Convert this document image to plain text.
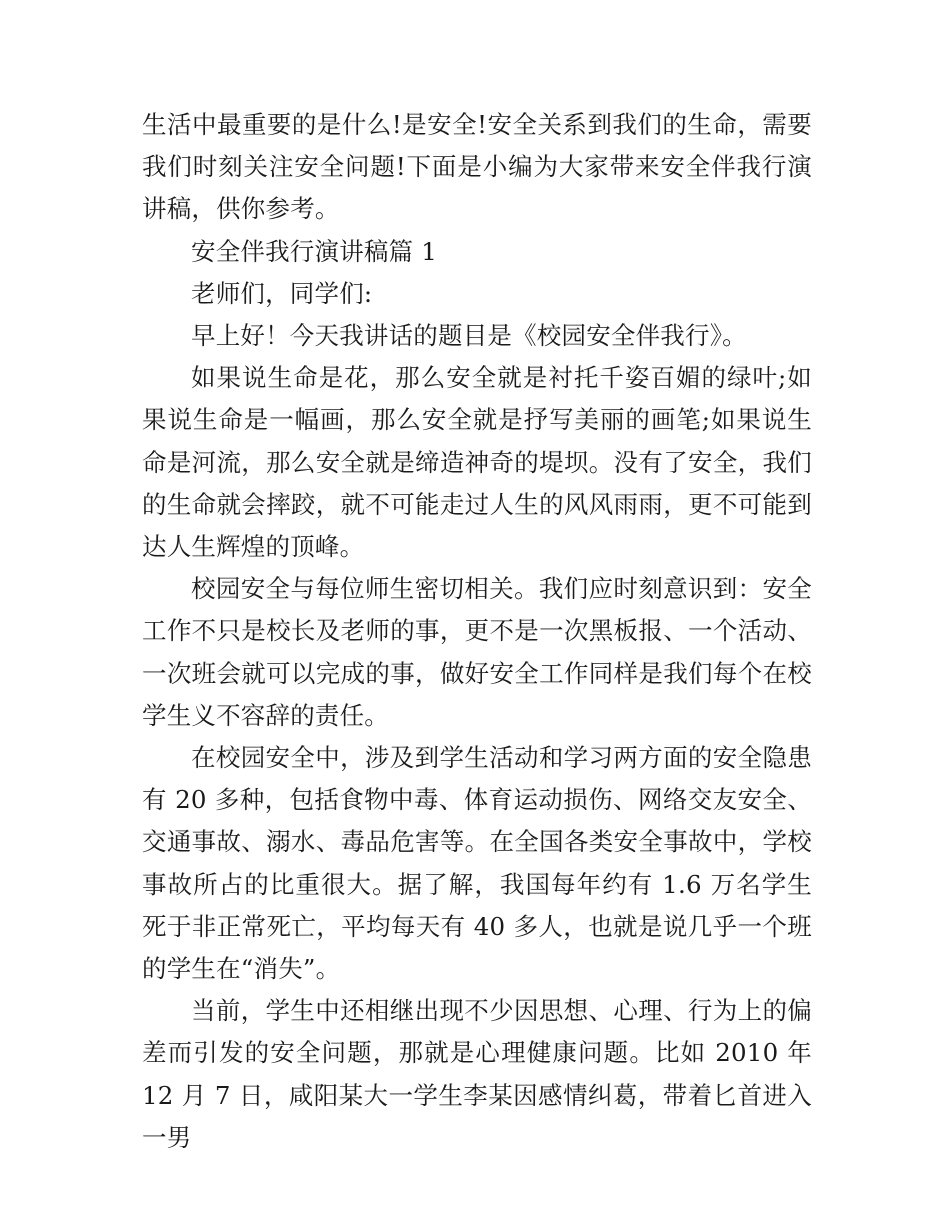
生活中最重要的是什么!是安全!安全关系到我们的生命，需要我们时刻关注安全问题!下面是小编为大家带来安全伴我行演讲稿，供你参考。

安全伴我行演讲稿篇 1

老师们，同学们:

早上好！今天我讲话的题目是《校园安全伴我行》。

如果说生命是花，那么安全就是衬托千姿百媚的绿叶;如果说生命是一幅画，那么安全就是抒写美丽的画笔;如果说生命是河流，那么安全就是缔造神奇的堤坝。没有了安全，我们的生命就会摔跤，就不可能走过人生的风风雨雨，更不可能到达人生辉煌的顶峰。

校园安全与每位师生密切相关。我们应时刻意识到：安全工作不只是校长及老师的事，更不是一次黑板报、一个活动、一次班会就可以完成的事，做好安全工作同样是我们每个在校学生义不容辞的责任。

在校园安全中，涉及到学生活动和学习两方面的安全隐患有 20 多种，包括食物中毒、体育运动损伤、网络交友安全、交通事故、溺水、毒品危害等。在全国各类安全事故中，学校事故所占的比重很大。据了解，我国每年约有 1.6 万名学生死于非正常死亡，平均每天有 40 多人，也就是说几乎一个班的学生在“消失”。

当前，学生中还相继出现不少因思想、心理、行为上的偏差而引发的安全问题，那就是心理健康问题。比如 2010 年 12 月 7 日，咸阳某大一学生李某因感情纠葛，带着匕首进入一男
